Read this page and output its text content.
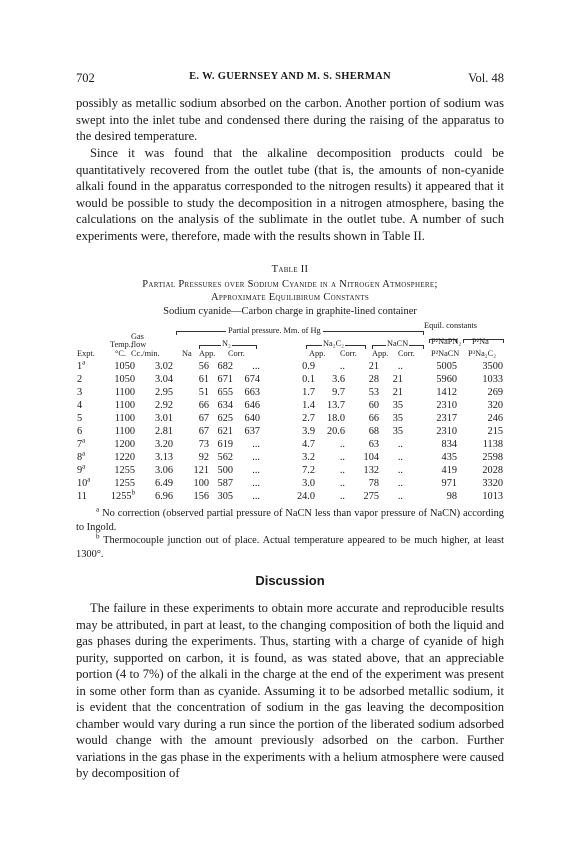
702	E. W. GUERNSEY AND M. S. SHERMAN	Vol. 48

possibly as metallic sodium absorbed on the carbon. Another portion of sodium was swept into the inlet tube and condensed there during the raising of the apparatus to the desired temperature.

Since it was found that the alkaline decomposition products could be quantitatively recovered from the outlet tube (that is, the amounts of non-cyanide alkali found in the apparatus corresponded to the nitrogen results) it appeared that it would be possible to study the decomposition in a nitrogen atmosphere, basing the calculations on the analysis of the sublimate in the outlet tube. A number of such experiments were, therefore, made with the results shown in Table II.

Table II
Partial Pressures over Sodium Cyanide in a Nitrogen Atmosphere;
Approximate Equilibirum Constants
Sodium cyanide—Carbon charge in graphite-lined container
Equil. constants
Partial pressure. Mm. of Hg
Gas
Temp.,
flow	N₂	Na₂C₂	NaCN	P²NaPN₂ P²Na
Expt. °C. Cc./min.	Na App. Corr.	App. Corr. App. Corr. P²NaCN P³Na₂C₂
1$^a$	1050	3.02	56	682	...	0.9	..	21	..	5005	3500
2	1050	3.04	61	671	674	0.1	3.6	28	21	5960	1033
3	1100	2.95	51	655	663	1.7	9.7	53	21	1412	269
4	1100	2.92	66	634	646	1.4	13.7	60	35	2310	320
5	1100	3.01	67	625	640	2.7	18.0	66	35	2317	246
6	1100	2.81	67	621	637	3.9	20.6	68	35	2310	215
7$^a$	1200	3.20	73	619	...	4.7	..	63	..	834	1138
8$^a$	1220	3.13	92	562	...	3.2	..	104	..	435	2598
9$^a$	1255	3.06	121	500	...	7.2	..	132	..	419	2028
10$^a$	1255	6.49	100	587	...	3.0	..	78	..	971	3320
11	1255$^b$	6.96	156	305	...	24.0	..	275	..	98	1013

$^a$ No correction (observed partial pressure of NaCN less than vapor pressure of NaCN) according to Ingold.

$^b$ Thermocouple junction out of place. Actual temperature appeared to be much higher, at least 1300°.

Discussion

The failure in these experiments to obtain more accurate and reproducible results may be attributed, in part at least, to the changing composition of both the liquid and gas phases during the experiments. Thus, starting with a charge of cyanide of high purity, supported on carbon, it is found, as was stated above, that an appreciable portion (4 to 7%) of the alkali in the charge at the end of the experiment was present in some other form than as cyanide. Assuming it to be adsorbed metallic sodium, it is evident that the concentration of sodium in the gas leaving the decomposition chamber would vary during a run since the portion of the liberated sodium adsorbed would change with the amount previously adsorbed on the carbon. Further variations in the gas phase in the experiments with a helium atmosphere were caused by decomposition of
